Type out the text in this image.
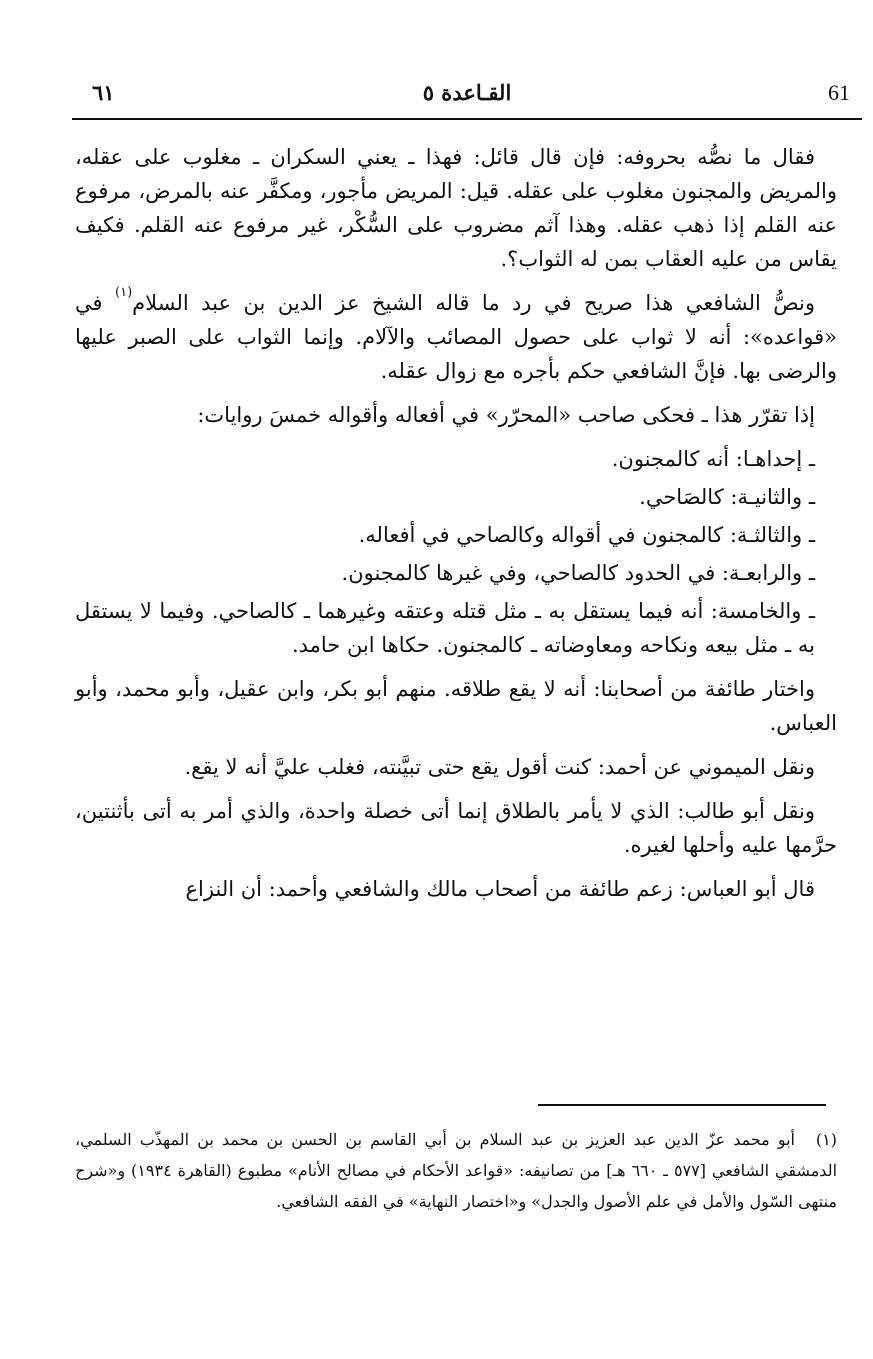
61
القـاعدة ٥
٦١

فقال ما نصُّه بحروفه: فإن قال قائل: فهذا ـ يعني السكران ـ مغلوب على عقله، والمريض والمجنون مغلوب على عقله. قيل: المريض مأجور، ومكفَّر عنه بالمرض، مرفوع عنه القلم إذا ذهب عقله. وهذا آثم مضروب على السُّكْر، غير مرفوع عنه القلم. فكيف يقاس من عليه العقاب بمن له الثواب؟.

ونصُّ الشافعي هذا صريح في رد ما قاله الشيخ عز الدين بن عبد السلام$^{(١)}$ في «قواعده»: أنه لا ثواب على حصول المصائب والآلام. وإنما الثواب على الصبر عليها والرضى بها. فإنَّ الشافعي حكم بأجره مع زوال عقله.

إذا تقرّر هذا ـ فحكى صاحب «المحرّر» في أفعاله وأقواله خمسَ روايات:

ـ إحداهـا: أنه كالمجنون.

ـ والثانيـة: كالصَاحي.

ـ والثالثـة: كالمجنون في أقواله وكالصاحي في أفعاله.

ـ والرابعـة: في الحدود كالصاحي، وفي غيرها كالمجنون.

ـ والخامسة: أنه فيما يستقل به ـ مثل قتله وعتقه وغيرهما ـ كالصاحي. وفيما لا يستقل به ـ مثل بيعه ونكاحه ومعاوضاته ـ كالمجنون. حكاها ابن حامد.

واختار طائفة من أصحابنا: أنه لا يقع طلاقه. منهم أبو بكر، وابن عقيل، وأبو محمد، وأبو العباس.

ونقل الميموني عن أحمد: كنت أقول يقع حتى تبيَّنته، فغلب عليَّ أنه لا يقع.

ونقل أبو طالب: الذي لا يأمر بالطلاق إنما أتى خصلة واحدة، والذي أمر به أتى بأثنتين، حرَّمها عليه وأحلها لغيره.

قال أبو العباس: زعم طائفة من أصحاب مالك والشافعي وأحمد: أن النزاع

(١)أبو محمد عزّ الدين عبد العزيز بن عبد السلام بن أبي القاسم بن الحسن بن محمد بن المهذّب السلمي، الدمشقي الشافعي [٥٧٧ ـ ٦٦٠ هـ] من تصانيفه: «قواعد الأحكام في مصالح الأنام» مطبوع (القاهرة ١٩٣٤) و«شرح منتهى السّول والأمل في علم الأصول والجدل» و«اختصار النهاية» في الفقه الشافعي.
